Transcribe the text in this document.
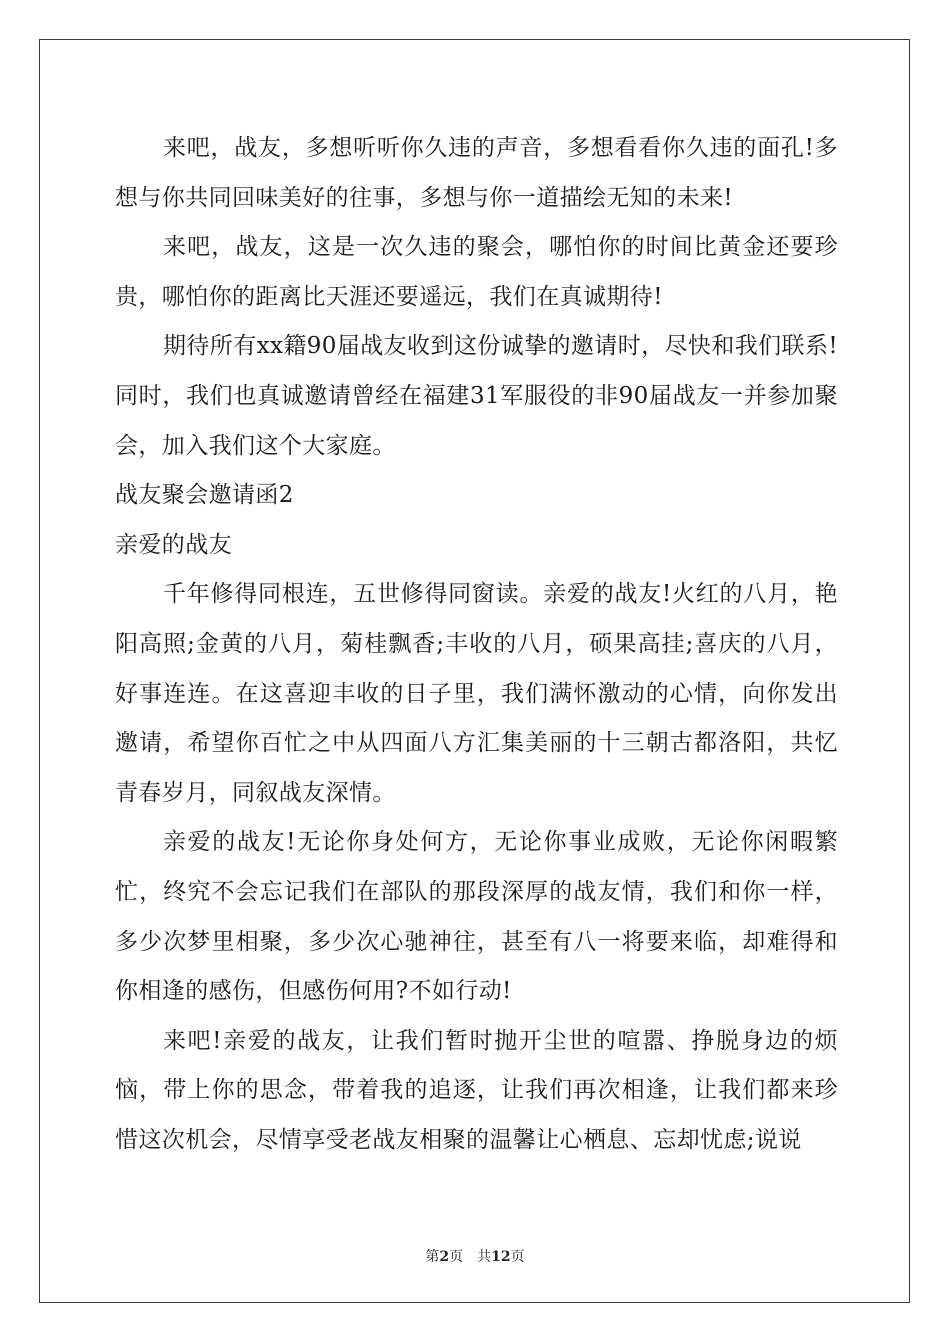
来吧，战友，多想听听你久违的声音，多想看看你久违的面孔!多想与你共同回味美好的往事，多想与你一道描绘无知的未来!

来吧，战友，这是一次久违的聚会，哪怕你的时间比黄金还要珍贵，哪怕你的距离比天涯还要遥远，我们在真诚期待!

期待所有xx籍90届战友收到这份诚挚的邀请时，尽快和我们联系!同时，我们也真诚邀请曾经在福建31军服役的非90届战友一并参加聚会，加入我们这个大家庭。

战友聚会邀请函2

亲爱的战友

千年修得同根连，五世修得同窗读。亲爱的战友!火红的八月，艳阳高照;金黄的八月，菊桂飘香;丰收的八月，硕果高挂;喜庆的八月，好事连连。在这喜迎丰收的日子里，我们满怀激动的心情，向你发出邀请，希望你百忙之中从四面八方汇集美丽的十三朝古都洛阳，共忆青春岁月，同叙战友深情。

亲爱的战友!无论你身处何方，无论你事业成败，无论你闲暇繁忙，终究不会忘记我们在部队的那段深厚的战友情，我们和你一样，多少次梦里相聚，多少次心驰神往，甚至有八一将要来临，却难得和你相逢的感伤，但感伤何用?不如行动!

来吧!亲爱的战友，让我们暂时抛开尘世的喧嚣、挣脱身边的烦恼，带上你的思念，带着我的追逐，让我们再次相逢，让我们都来珍惜这次机会，尽情享受老战友相聚的温馨让心栖息、忘却忧虑;说说

第2页 共12页
